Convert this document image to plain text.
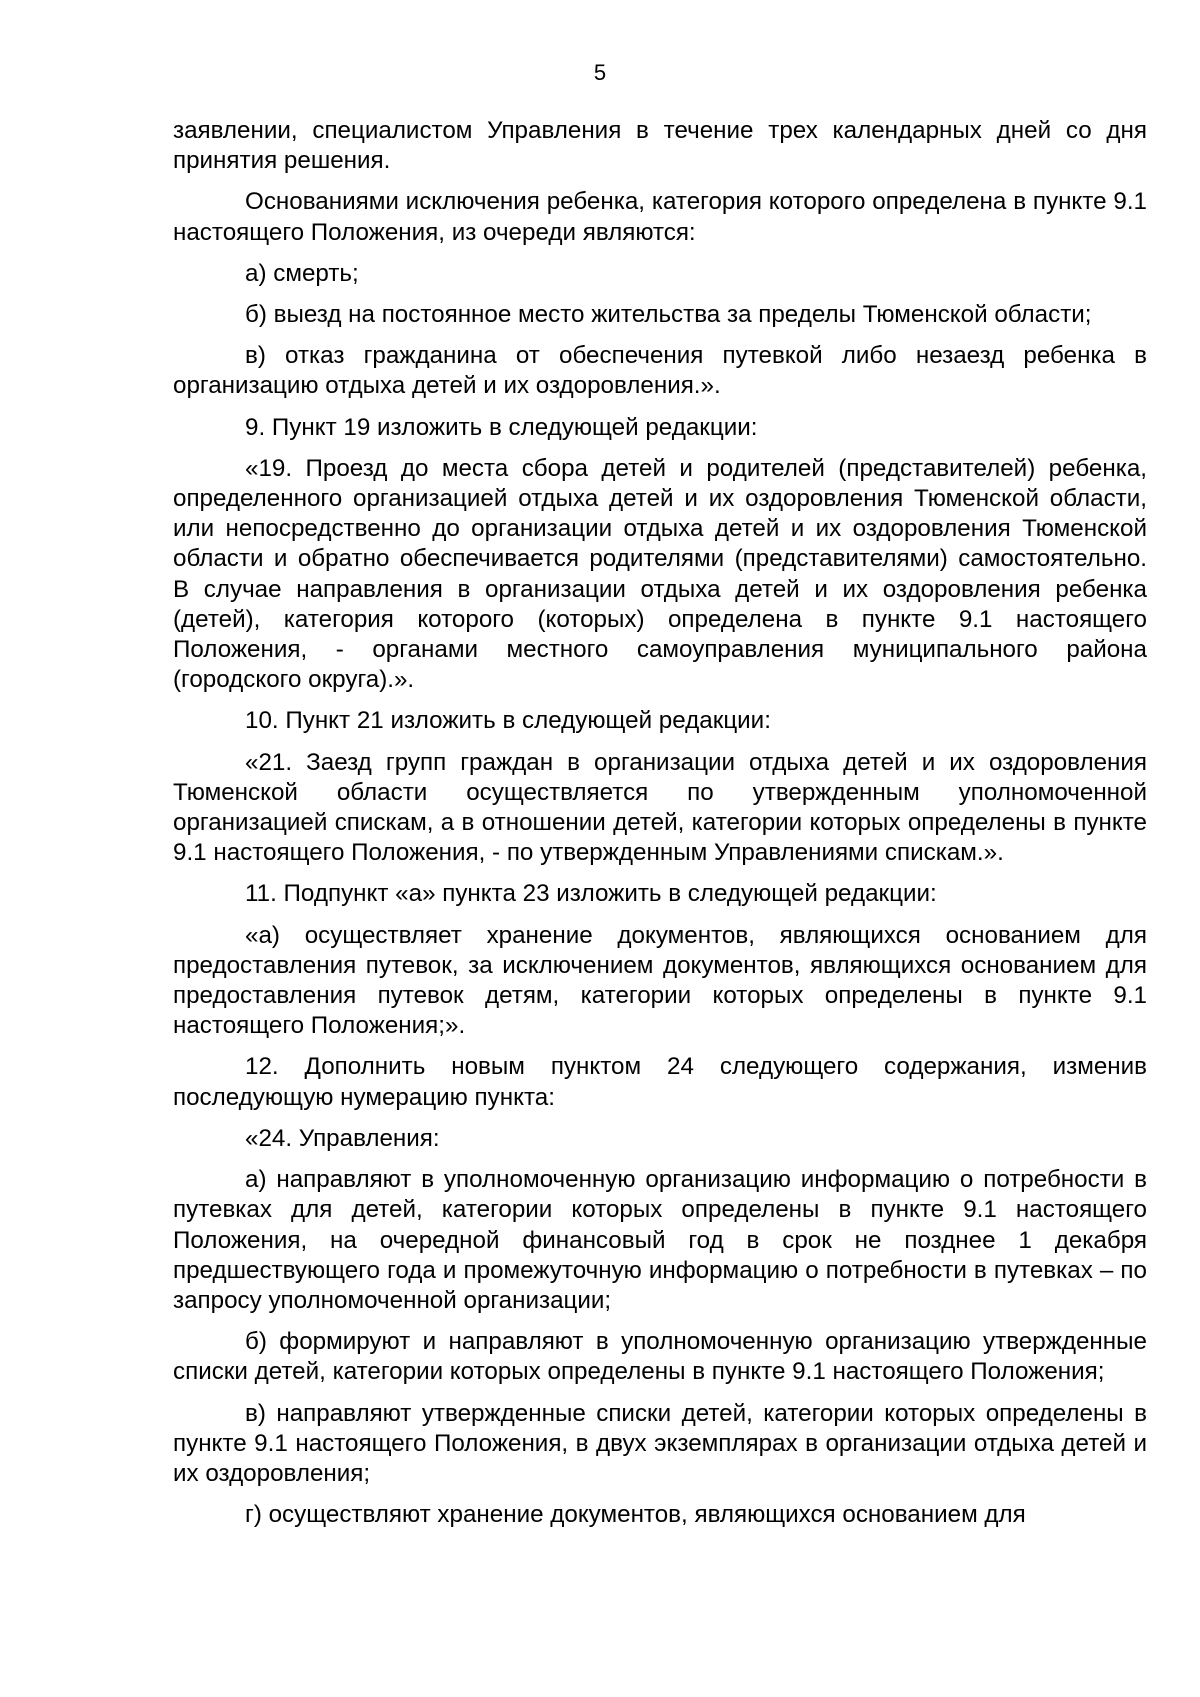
5

заявлении, специалистом Управления в течение трех календарных дней со дня принятия решения.

Основаниями исключения ребенка, категория которого определена в пункте 9.1 настоящего Положения, из очереди являются:

а) смерть;

б) выезд на постоянное место жительства за пределы Тюменской области;

в) отказ гражданина от обеспечения путевкой либо незаезд ребенка в организацию отдыха детей и их оздоровления.».

9. Пункт 19 изложить в следующей редакции:

«19. Проезд до места сбора детей и родителей (представителей) ребенка, определенного организацией отдыха детей и их оздоровления Тюменской области, или непосредственно до организации отдыха детей и их оздоровления Тюменской области и обратно обеспечивается родителями (представителями) самостоятельно. В случае направления в организации отдыха детей и их оздоровления ребенка (детей), категория которого (которых) определена в пункте 9.1 настоящего Положения, - органами местного самоуправления муниципального района (городского округа).».

10. Пункт 21 изложить в следующей редакции:

«21. Заезд групп граждан в организации отдыха детей и их оздоровления Тюменской области осуществляется по утвержденным уполномоченной организацией спискам, а в отношении детей, категории которых определены в пункте 9.1 настоящего Положения, - по утвержденным Управлениями спискам.».

11. Подпункт «а» пункта 23 изложить в следующей редакции:

«а) осуществляет хранение документов, являющихся основанием для предоставления путевок, за исключением документов, являющихся основанием для предоставления путевок детям, категории которых определены в пункте 9.1 настоящего Положения;».

12. Дополнить новым пунктом 24 следующего содержания, изменив последующую нумерацию пункта:

«24. Управления:

а) направляют в уполномоченную организацию информацию о потребности в путевках для детей, категории которых определены в пункте 9.1 настоящего Положения, на очередной финансовый год в срок не позднее 1 декабря предшествующего года и промежуточную информацию о потребности в путевках – по запросу уполномоченной организации;

б) формируют и направляют в уполномоченную организацию утвержденные списки детей, категории которых определены в пункте 9.1 настоящего Положения;

в) направляют утвержденные списки детей, категории которых определены в пункте 9.1 настоящего Положения, в двух экземплярах в организации отдыха детей и их оздоровления;

г) осуществляют хранение документов, являющихся основанием для
